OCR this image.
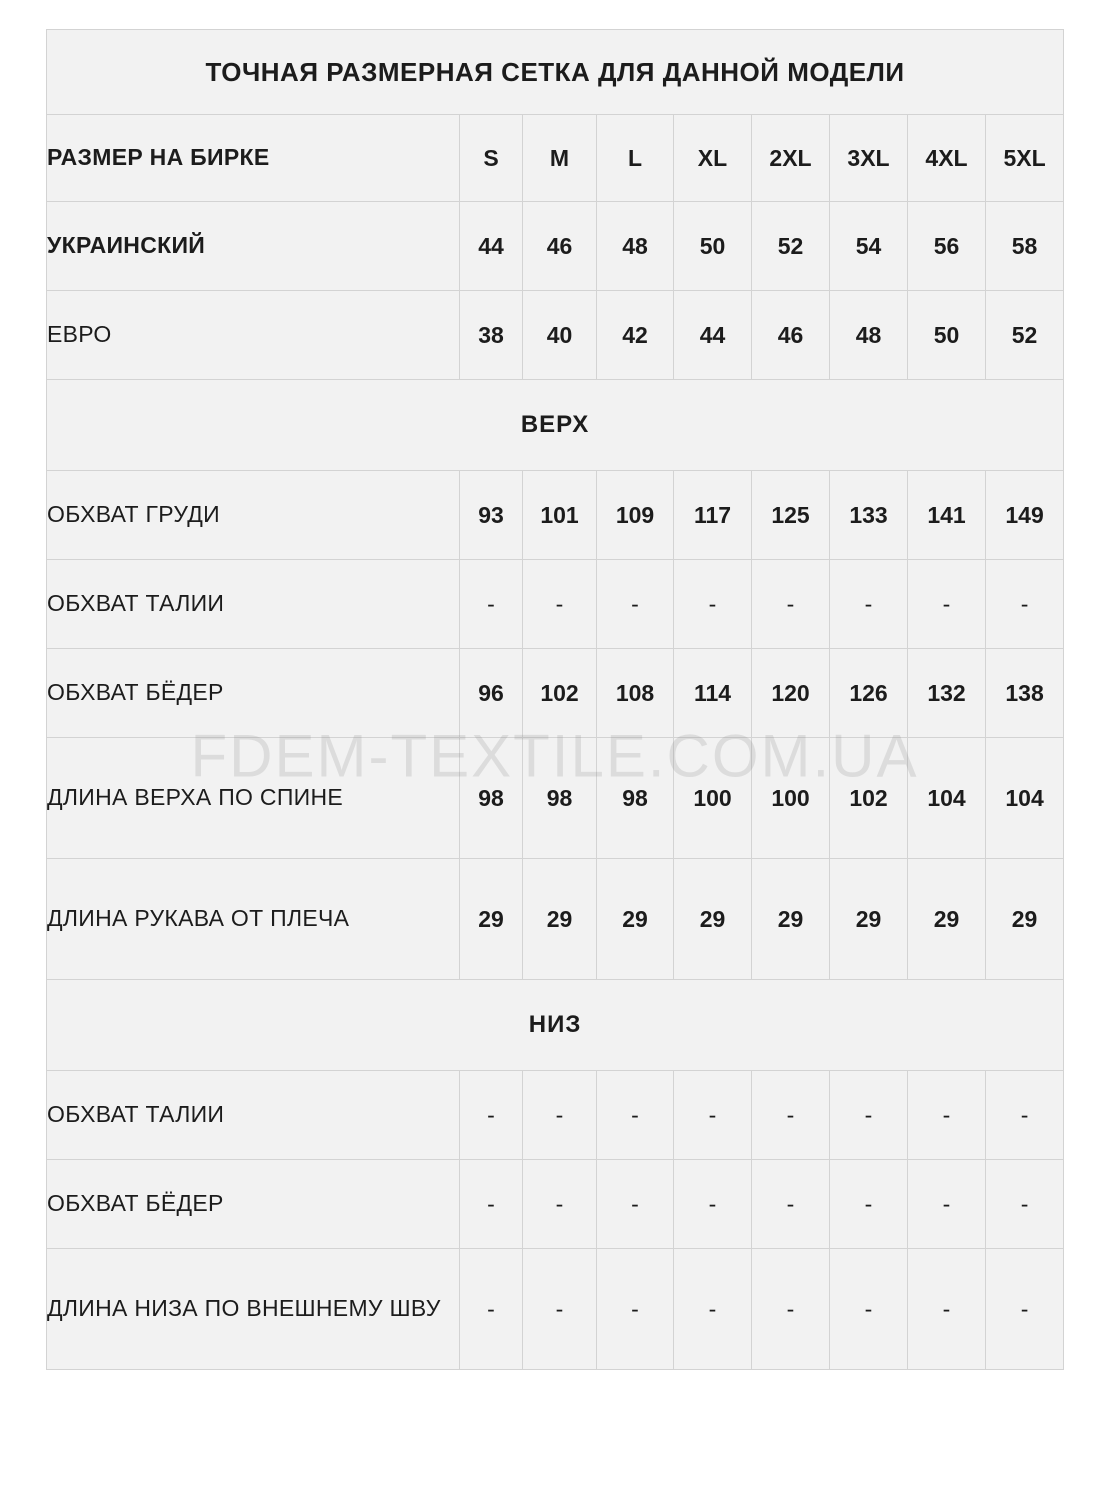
ТОЧНАЯ РАЗМЕРНАЯ СЕТКА ДЛЯ ДАННОЙ МОДЕЛИ								
РАЗМЕР НА БИРКЕ	S	M	L	XL	2XL	3XL	4XL	5XL
УКРАИНСКИЙ	44	46	48	50	52	54	56	58
ЕВРО	38	40	42	44	46	48	50	52
ВЕРХ								
ОБХВАТ ГРУДИ	93	101	109	117	125	133	141	149
ОБХВАТ ТАЛИИ	-	-	-	-	-	-	-	-
ОБХВАТ БЁДЕР	96	102	108	114	120	126	132	138
ДЛИНА ВЕРХА ПО СПИНЕ	98	98	98	100	100	102	104	104
ДЛИНА РУКАВА ОТ ПЛЕЧА	29	29	29	29	29	29	29	29
НИЗ								
ОБХВАТ ТАЛИИ	-	-	-	-	-	-	-	-
ОБХВАТ БЁДЕР	-	-	-	-	-	-	-	-
ДЛИНА НИЗА ПО ВНЕШНЕМУ ШВУ	-	-	-	-	-	-	-	-
